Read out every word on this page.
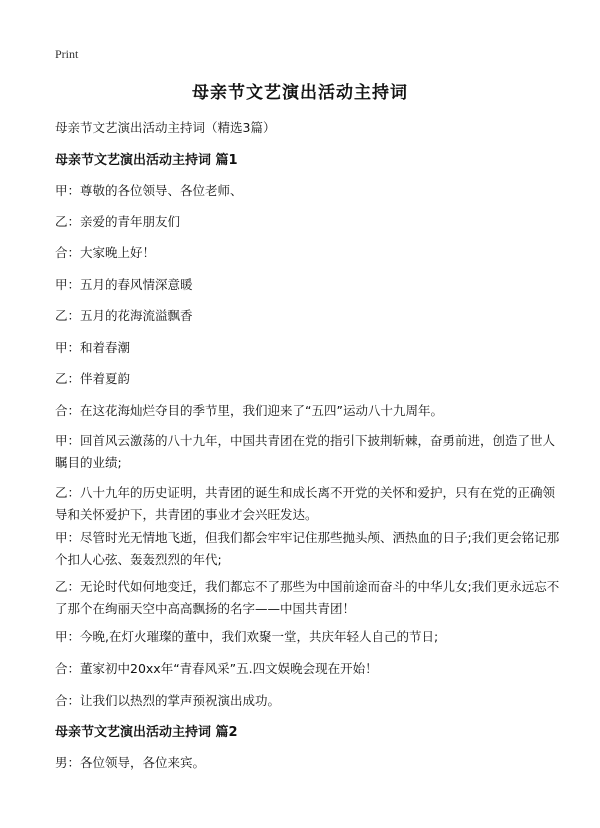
Print
母亲节文艺演出活动主持词

母亲节文艺演出活动主持词（精选3篇）

母亲节文艺演出活动主持词 篇1

甲：尊敬的各位领导、各位老师、

乙：亲爱的青年朋友们

合：大家晚上好！

甲：五月的春风情深意暖

乙：五月的花海流溢飘香

甲：和着春潮

乙：伴着夏韵

合：在这花海灿烂夺目的季节里，我们迎来了“五四”运动八十九周年。

甲：回首风云激荡的八十九年，中国共青团在党的指引下披荆斩棘，奋勇前进，创造了世人瞩目的业绩;

乙：八十九年的历史证明，共青团的诞生和成长离不开党的关怀和爱护，只有在党的正确领导和关怀爱护下，共青团的事业才会兴旺发达。

甲：尽管时光无情地飞逝，但我们都会牢牢记住那些抛头颅、洒热血的日子;我们更会铭记那个扣人心弦、轰轰烈烈的年代;

乙：无论时代如何地变迁，我们都忘不了那些为中国前途而奋斗的中华儿女;我们更永远忘不了那个在绚丽天空中高高飘扬的名字——中国共青团！

甲：今晚,在灯火璀璨的董中，我们欢聚一堂，共庆年轻人自己的节日;

合：董家初中20xx年“青春风采”五.四文娱晚会现在开始！

合：让我们以热烈的掌声预祝演出成功。

母亲节文艺演出活动主持词 篇2

男：各位领导，各位来宾。
